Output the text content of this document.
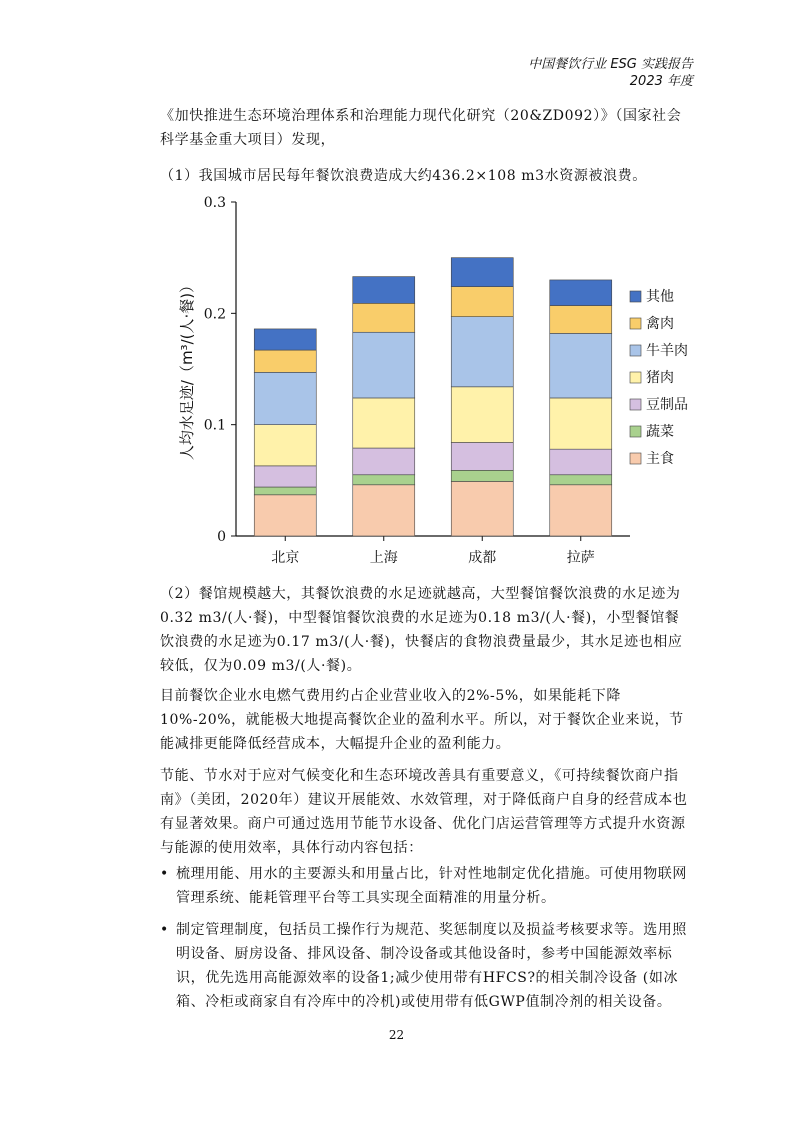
中国餐饮行业 ESG 实践报告
2023 年度

《加快推进生态环境治理体系和治理能力现代化研究（20&ZD092）》（国家社会科学基金重大项目）发现，

（1）我国城市居民每年餐饮浪费造成大约436.2×108 m3水资源被浪费。

0
0.1
0.2
0.3
人均水足迹/（m³/(人·餐)）
北京	上海	成都	拉萨
其他
禽肉
牛羊肉
猪肉
豆制品
蔬菜
主食

（2）餐馆规模越大，其餐饮浪费的水足迹就越高，大型餐馆餐饮浪费的水足迹为0.32 m3/(人·餐)，中型餐馆餐饮浪费的水足迹为0.18 m3/(人·餐)，小型餐馆餐饮浪费的水足迹为0.17 m3/(人·餐)，快餐店的食物浪费量最少，其水足迹也相应较低，仅为0.09 m3/(人·餐)。

目前餐饮企业水电燃气费用约占企业营业收入的2%-5%，如果能耗下降10%-20%，就能极大地提高餐饮企业的盈利水平。所以，对于餐饮企业来说，节能减排更能降低经营成本，大幅提升企业的盈利能力。

节能、节水对于应对气候变化和生态环境改善具有重要意义，《可持续餐饮商户指南》（美团，2020年）建议开展能效、水效管理，对于降低商户自身的经营成本也有显著效果。商户可通过选用节能节水设备、优化门店运营管理等方式提升水资源与能源的使用效率，具体行动内容包括：

• 梳理用能、用水的主要源头和用量占比，针对性地制定优化措施。可使用物联网管理系统、能耗管理平台等工具实现全面精准的用量分析。
• 制定管理制度，包括员工操作行为规范、奖惩制度以及损益考核要求等。选用照明设备、厨房设备、排风设备、制冷设备或其他设备时，参考中国能源效率标识，优先选用高能源效率的设备1;减少使用带有HFCS?的相关制冷设备 (如冰箱、冷柜或商家自有冷库中的冷机)或使用带有低GWP值制冷剂的相关设备。
22
